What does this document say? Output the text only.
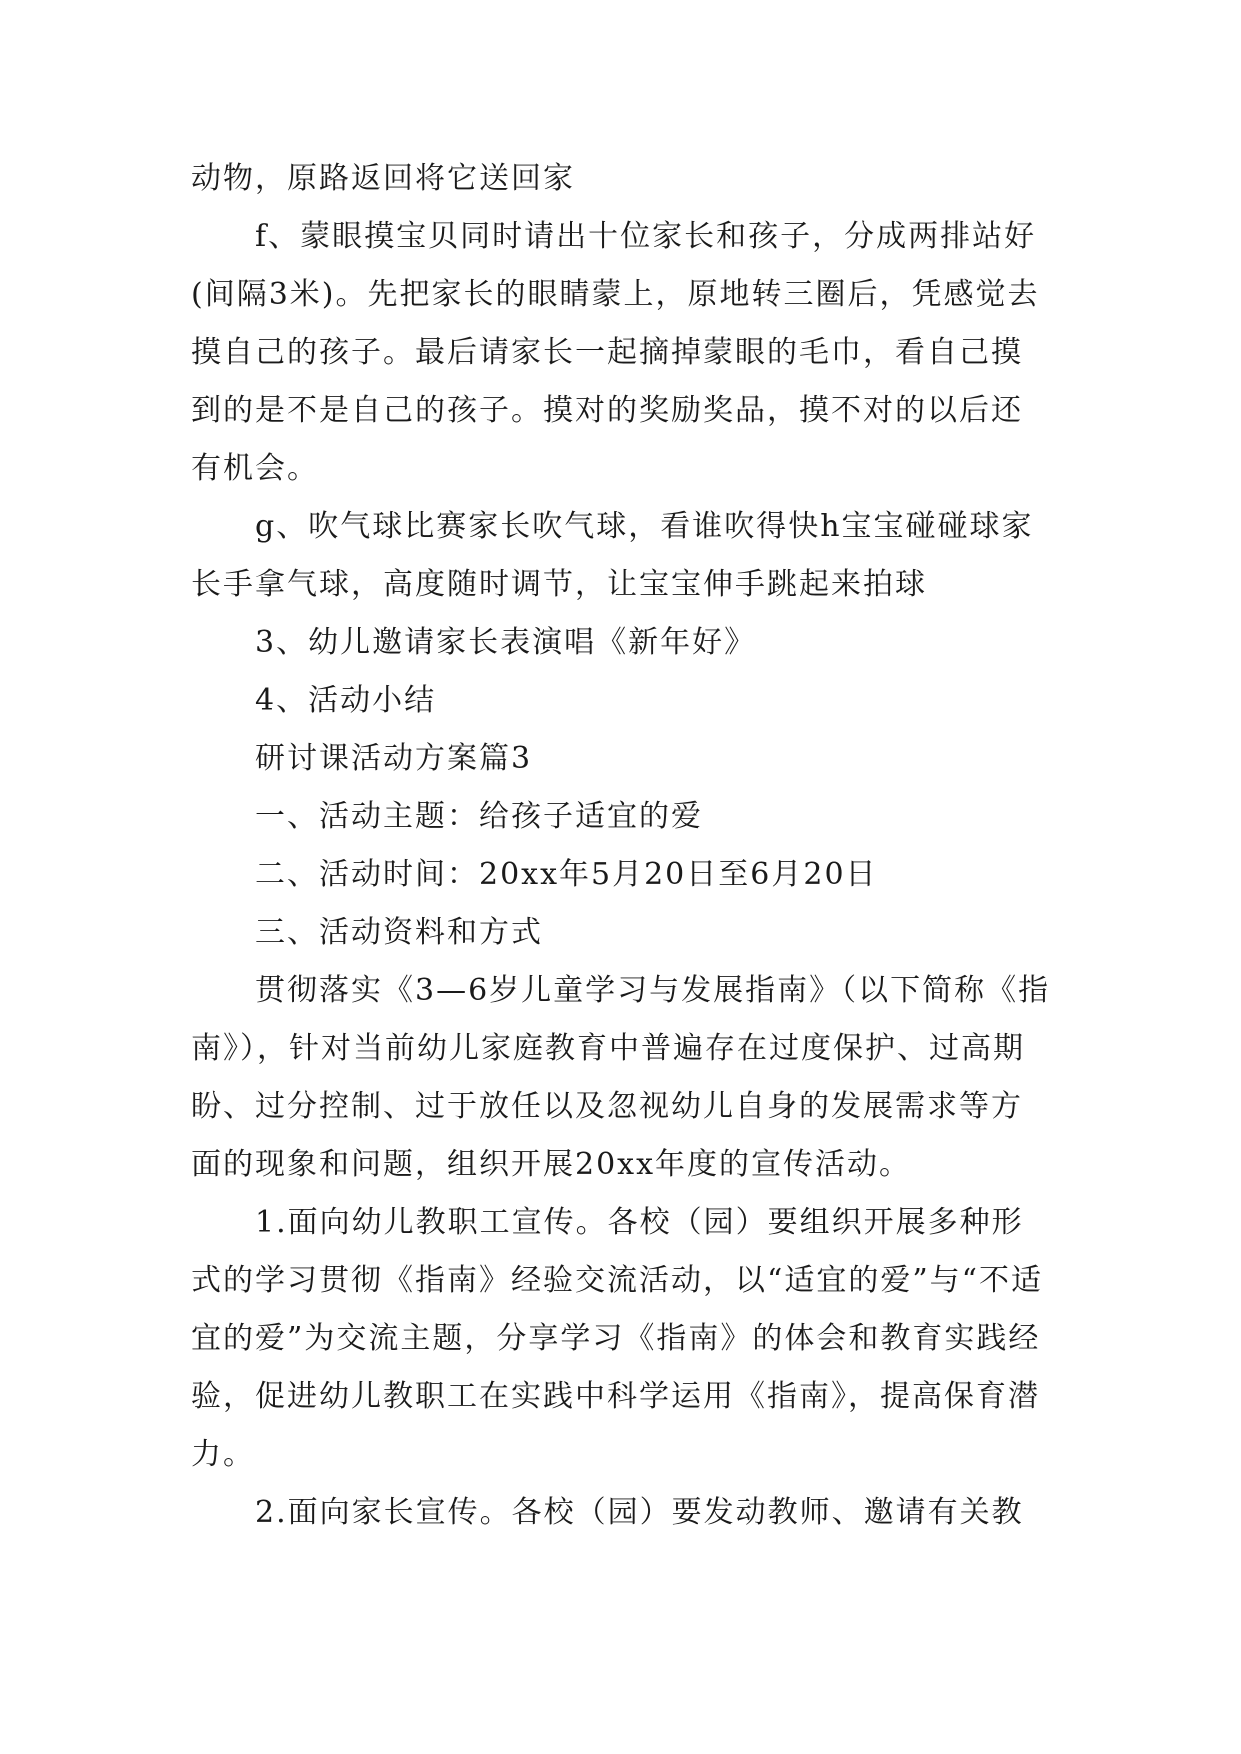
动物，原路返回将它送回家

f、蒙眼摸宝贝同时请出十位家长和孩子，分成两排站好(间隔3米)。先把家长的眼睛蒙上，原地转三圈后，凭感觉去摸自己的孩子。最后请家长一起摘掉蒙眼的毛巾，看自己摸到的是不是自己的孩子。摸对的奖励奖品，摸不对的以后还有机会。

g、吹气球比赛家长吹气球，看谁吹得快h宝宝碰碰球家长手拿气球，高度随时调节，让宝宝伸手跳起来拍球

3、幼儿邀请家长表演唱《新年好》

4、活动小结

研讨课活动方案篇3

一、活动主题：给孩子适宜的爱

二、活动时间：20xx年5月20日至6月20日

三、活动资料和方式

贯彻落实《3—6岁儿童学习与发展指南》（以下简称《指南》），针对当前幼儿家庭教育中普遍存在过度保护、过高期盼、过分控制、过于放任以及忽视幼儿自身的发展需求等方面的现象和问题，组织开展20xx年度的宣传活动。

1.面向幼儿教职工宣传。各校（园）要组织开展多种形式的学习贯彻《指南》经验交流活动，以“适宜的爱”与“不适宜的爱”为交流主题，分享学习《指南》的体会和教育实践经验，促进幼儿教职工在实践中科学运用《指南》，提高保育潜力。

2.面向家长宣传。各校（园）要发动教师、邀请有关教
